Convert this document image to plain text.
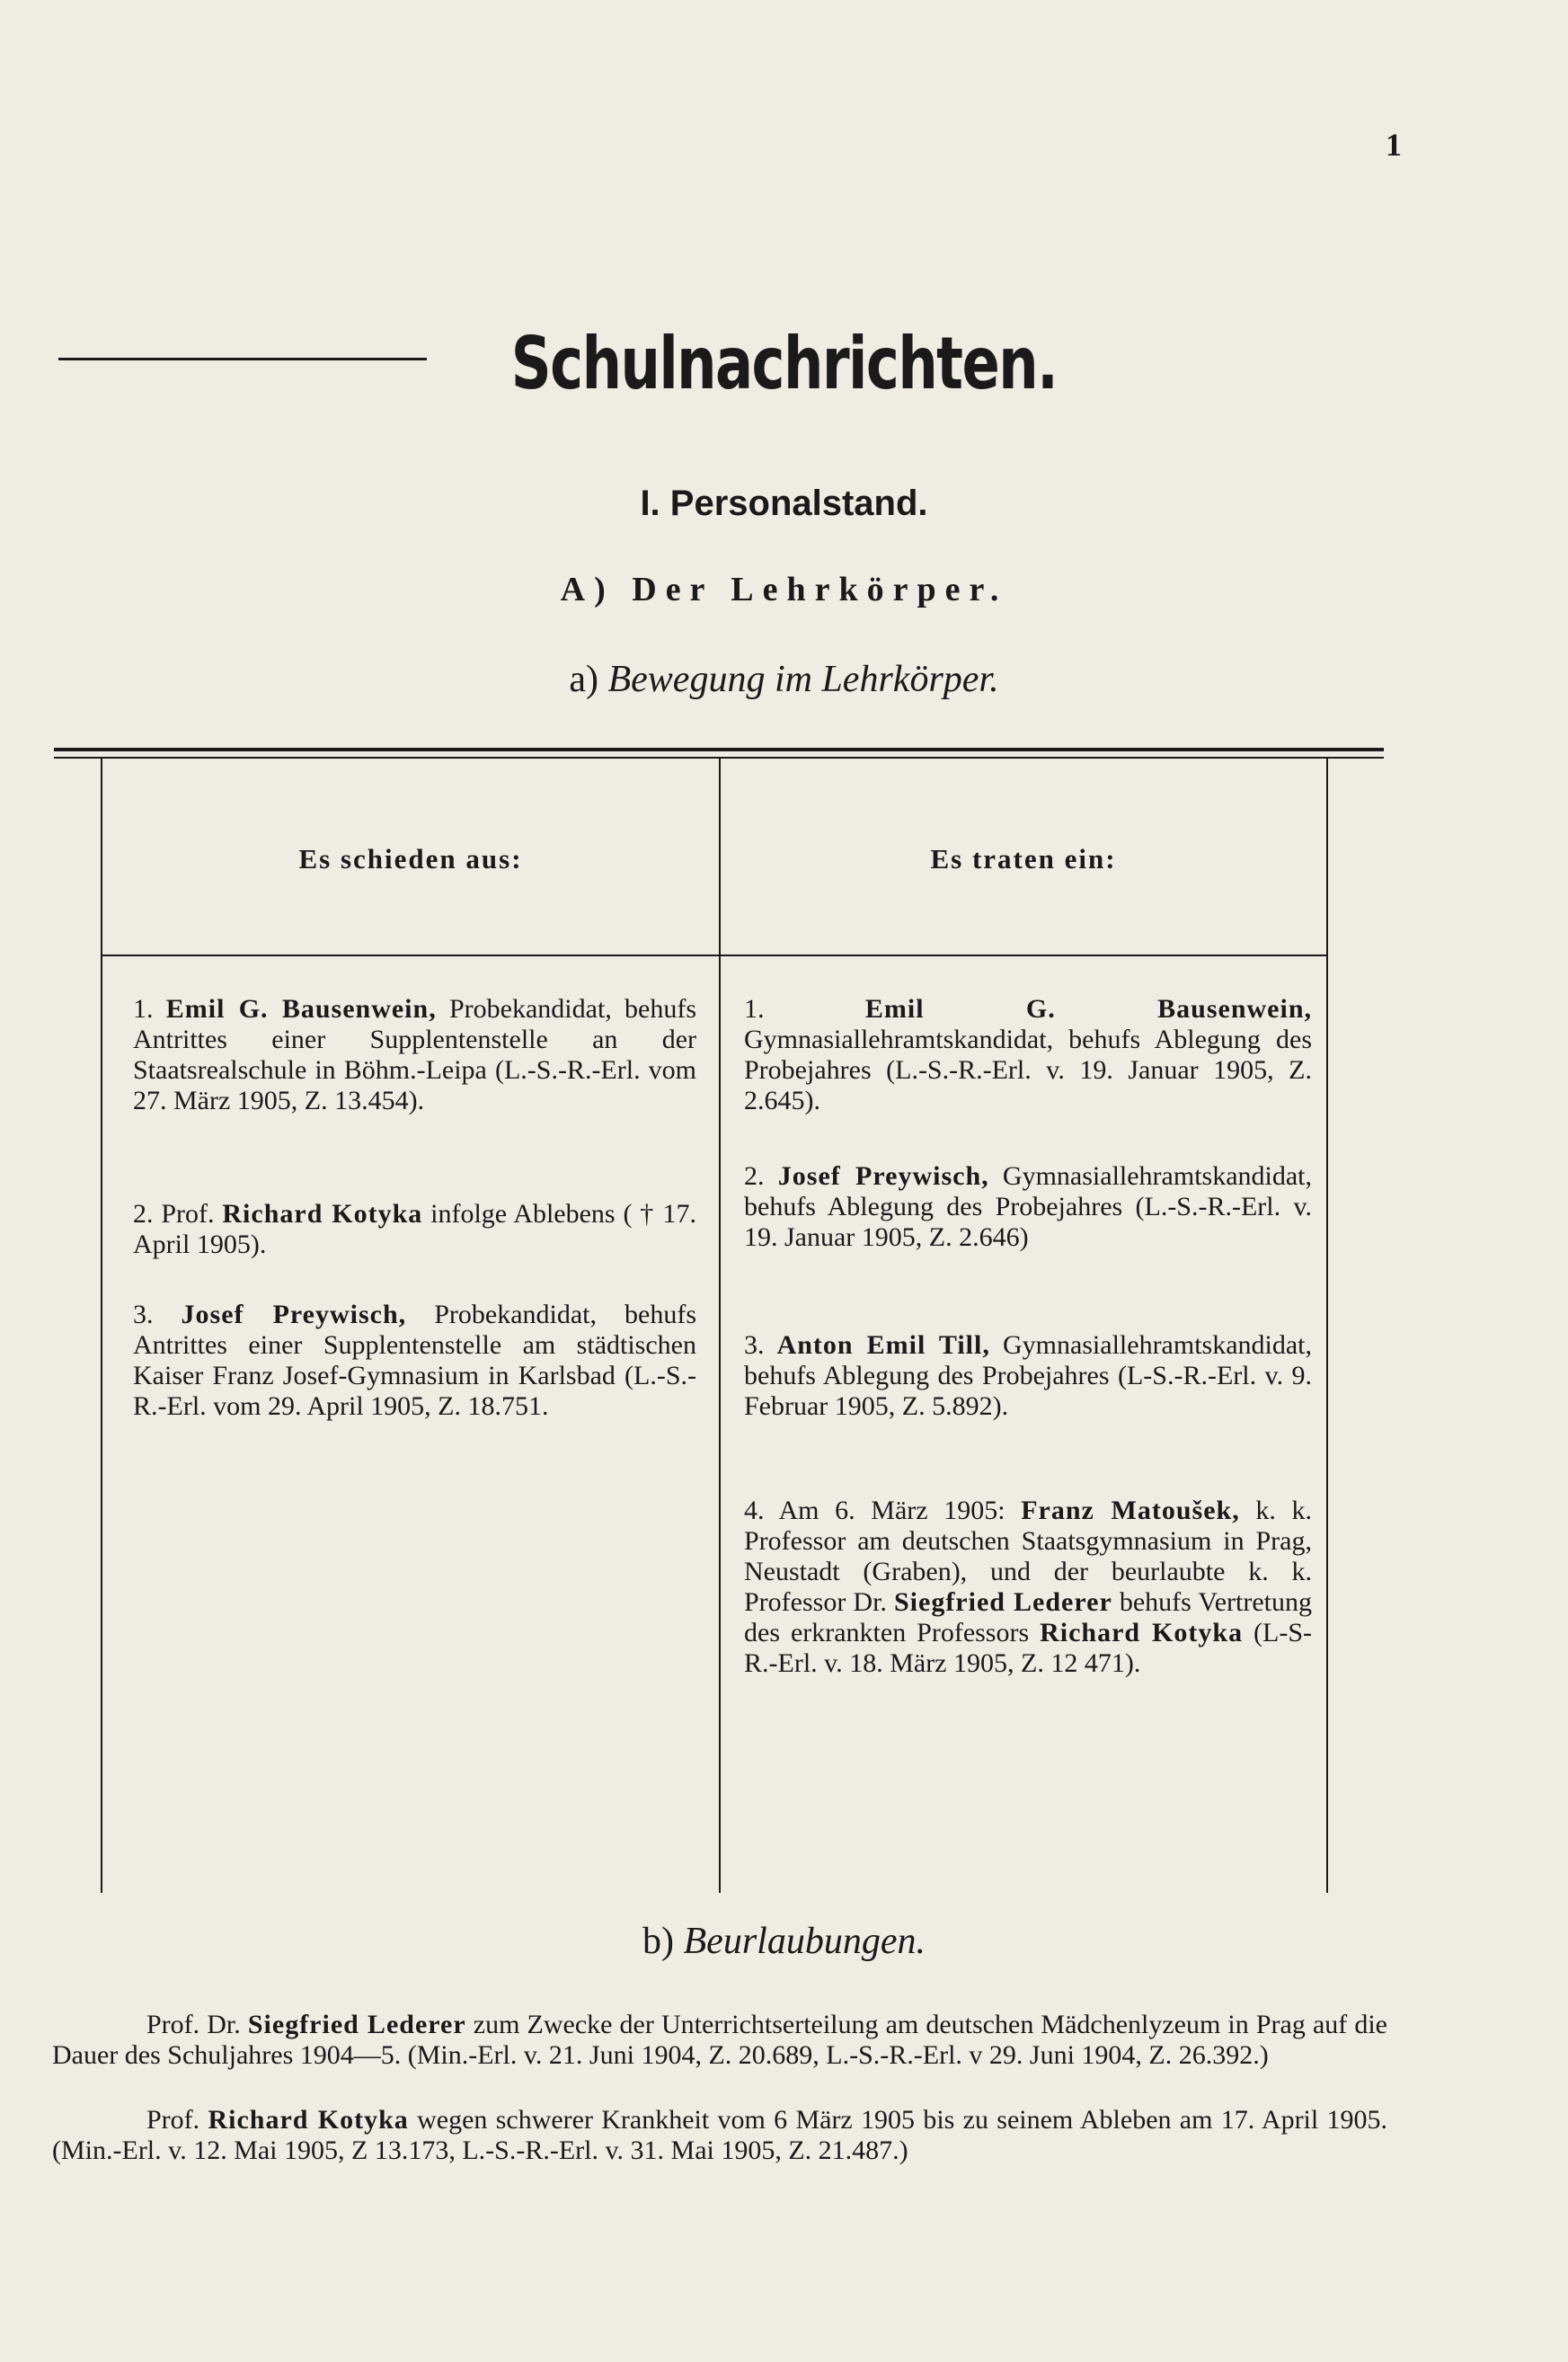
1
Schulnachrichten.
I. Personalstand.
A) Der Lehrkörper.
a) Bewegung im Lehrkörper.
Es schieden aus:	Es traten ein:
1. Emil G. Bausenwein, Probekandidat, behufs Antrittes einer Supplentenstelle an der Staatsrealschule in Böhm.-Leipa (L.-S.-R.-Erl. vom 27. März 1905, Z. 13.454).
2. Prof. Richard Kotyka infolge Ablebens ( † 17. April 1905).
3. Josef Preywisch, Probekandidat, behufs Antrittes einer Supplentenstelle am städtischen Kaiser Franz Josef-Gymnasium in Karlsbad (L.-S.-R.-Erl. vom 29. April 1905, Z. 18.751.
1.	Emil G. Bausenwein, Gymnasiallehramtskandidat, behufs Ablegung des Probejahres (L.-S.-R.-Erl. v. 19. Januar 1905, Z. 2.645).
2. Josef Preywisch, Gymnasiallehramtskandidat, behufs Ablegung des Probejahres (L.-S.-R.-Erl. v. 19. Januar 1905, Z. 2.646)
3. Anton Emil Till, Gymnasiallehramtskandidat, behufs Ablegung des Probejahres (L-S.-R.-Erl. v. 9. Februar 1905, Z. 5.892).
4. Am 6. März 1905: Franz Matoušek, k. k. Professor am deutschen Staatsgymnasium in Prag, Neustadt (Graben), und der beurlaubte k. k. Professor Dr. Siegfried Lederer behufs Vertretung des erkrankten Professors Richard Kotyka (L-S-R.-Erl. v. 18. März 1905, Z. 12 471).
b) Beurlaubungen.
Prof. Dr. Siegfried Lederer zum Zwecke der Unterrichtserteilung am deutschen Mädchenlyzeum in Prag auf die Dauer des Schuljahres 1904—5. (Min.-Erl. v. 21. Juni 1904, Z. 20.689, L.-S.-R.-Erl. v 29. Juni 1904, Z. 26.392.)
Prof. Richard Kotyka wegen schwerer Krankheit vom 6 März 1905 bis zu seinem Ableben am 17. April 1905. (Min.-Erl. v. 12. Mai 1905, Z 13.173, L.-S.-R.-Erl. v. 31. Mai 1905, Z. 21.487.)
